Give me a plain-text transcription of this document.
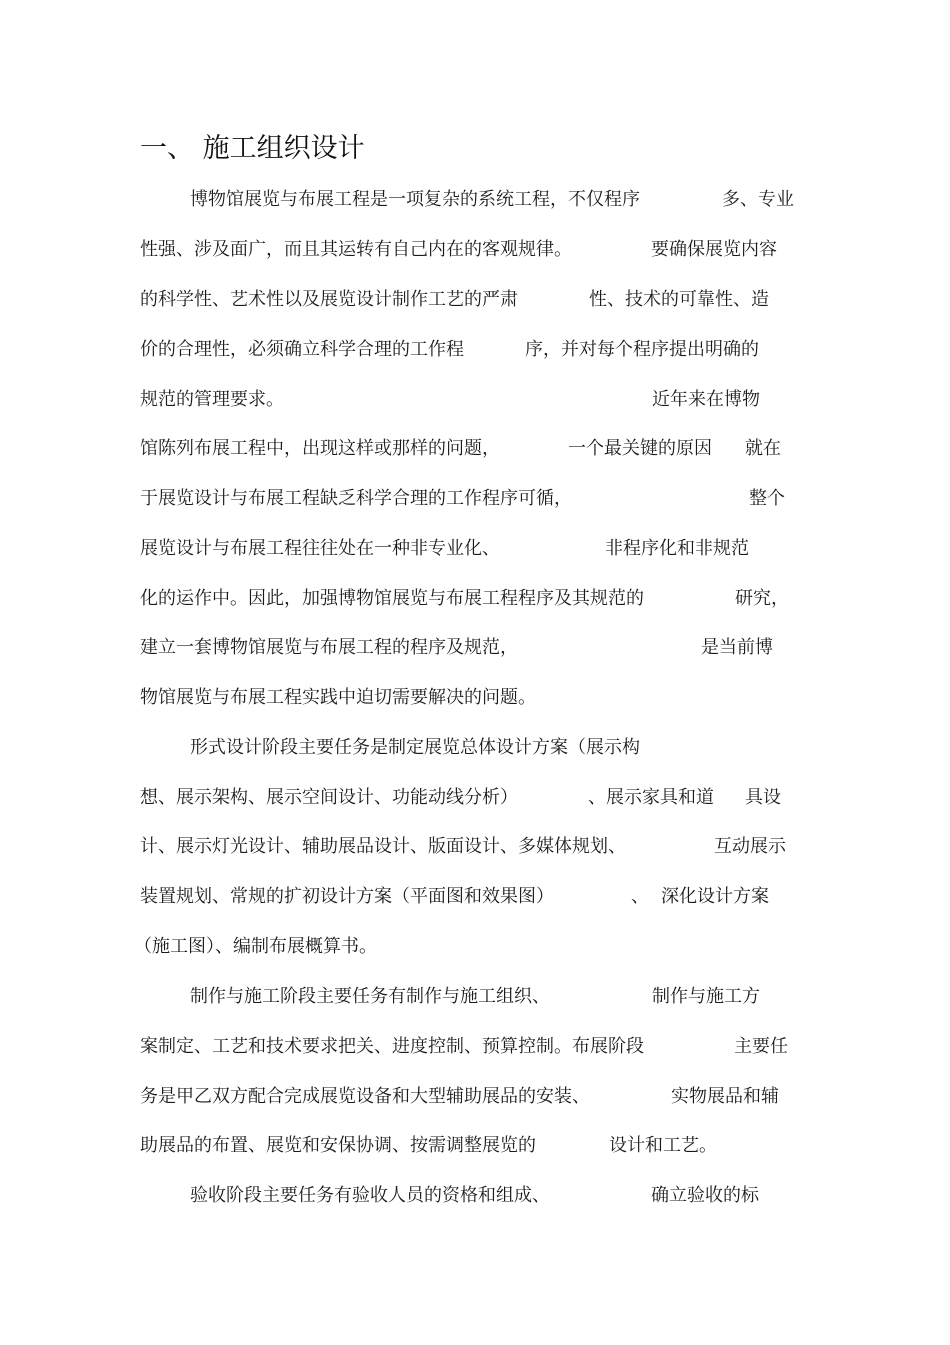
一、 施工组织设计
博物馆展览与布展工程是一项复杂的系统工程，不仅程序	多、专业
性强、涉及面广，而且其运转有自己内在的客观规律。	要确保展览内容
的科学性、艺术性以及展览设计制作工艺的严肃	性、技术的可靠性、造
价的合理性，必须确立科学合理的工作程	序，并对每个程序提出明确的
规范的管理要求。	近年来在博物
馆陈列布展工程中，出现这样或那样的问题，	一个最关键的原因 就在
于展览设计与布展工程缺乏科学合理的工作程序可循，	整个
展览设计与布展工程往往处在一种非专业化、	非程序化和非规范
化的运作中。因此，加强博物馆展览与布展工程程序及其规范的	研究，
建立一套博物馆展览与布展工程的程序及规范，	是当前博
物馆展览与布展工程实践中迫切需要解决的问题。
形式设计阶段主要任务是制定展览总体设计方案（展示构
想、展示架构、展示空间设计、功能动线分析）	、展示家具和道 具设
计、展示灯光设计、辅助展品设计、版面设计、多媒体规划、	互动展示
装置规划、常规的扩初设计方案（平面图和效果图）	、 深化设计方案
（施工图）、编制布展概算书。
制作与施工阶段主要任务有制作与施工组织、	制作与施工方
案制定、工艺和技术要求把关、进度控制、预算控制。布展阶段	主要任
务是甲乙双方配合完成展览设备和大型辅助展品的安装、	实物展品和辅
助展品的布置、展览和安保协调、按需调整展览的	设计和工艺。
验收阶段主要任务有验收人员的资格和组成、	确立验收的标
